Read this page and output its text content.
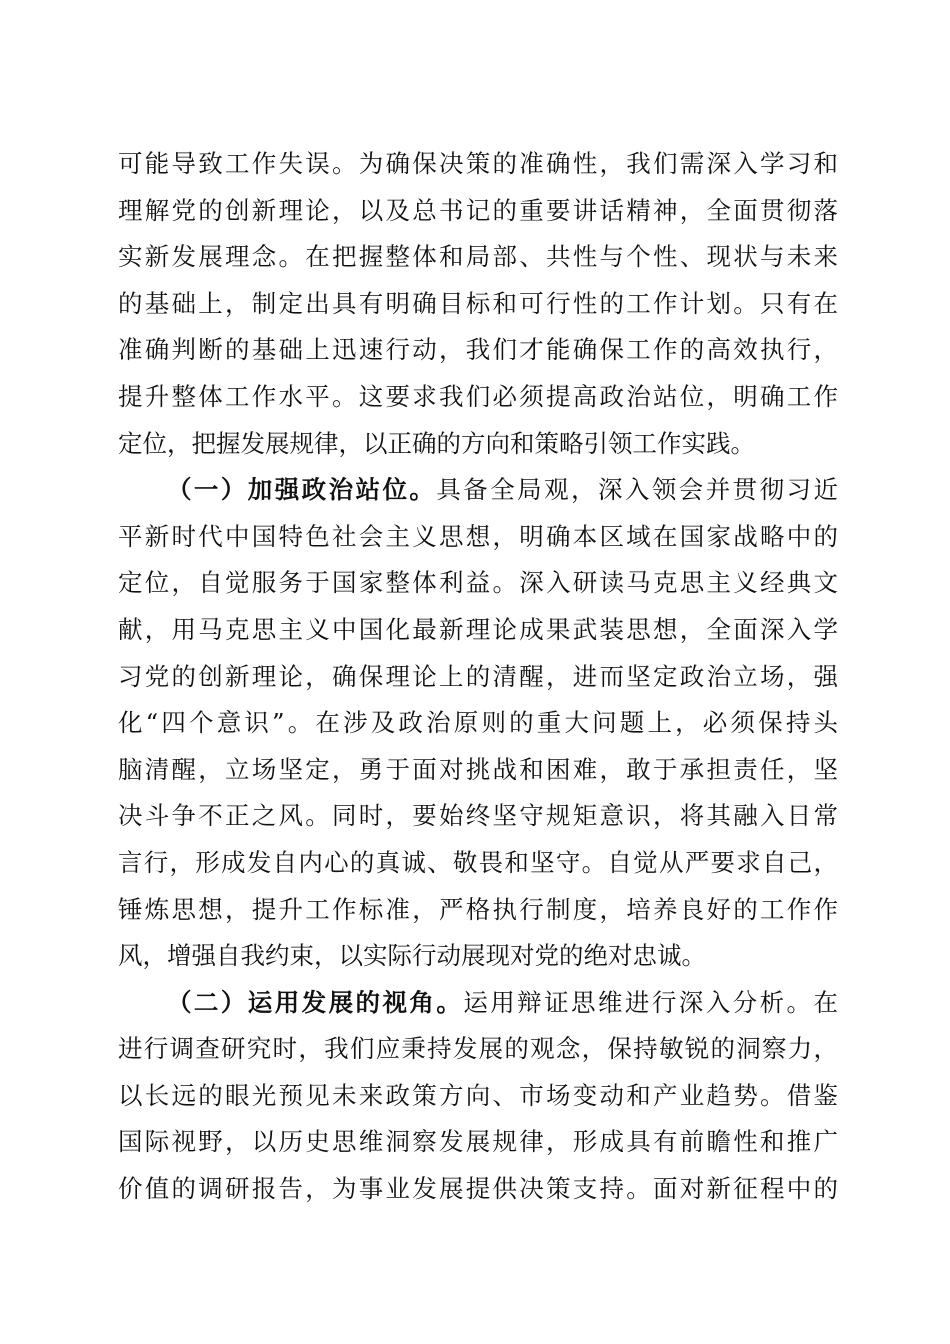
可能导致工作失误。为确保决策的准确性，我们需深入学习和
理解党的创新理论，以及总书记的重要讲话精神，全面贯彻落
实新发展理念。在把握整体和局部、共性与个性、现状与未来
的基础上，制定出具有明确目标和可行性的工作计划。只有在
准确判断的基础上迅速行动，我们才能确保工作的高效执行，
提升整体工作水平。这要求我们必须提高政治站位，明确工作
定位，把握发展规律，以正确的方向和策略引领工作实践。
（一）加强政治站位。具备全局观，深入领会并贯彻习近
平新时代中国特色社会主义思想，明确本区域在国家战略中的
定位，自觉服务于国家整体利益。深入研读马克思主义经典文
献，用马克思主义中国化最新理论成果武装思想，全面深入学
习党的创新理论，确保理论上的清醒，进而坚定政治立场，强
化“四个意识”。在涉及政治原则的重大问题上，必须保持头
脑清醒，立场坚定，勇于面对挑战和困难，敢于承担责任，坚
决斗争不正之风。同时，要始终坚守规矩意识，将其融入日常
言行，形成发自内心的真诚、敬畏和坚守。自觉从严要求自己，
锤炼思想，提升工作标准，严格执行制度，培养良好的工作作
风，增强自我约束，以实际行动展现对党的绝对忠诚。
（二）运用发展的视角。运用辩证思维进行深入分析。在
进行调查研究时，我们应秉持发展的观念，保持敏锐的洞察力，
以长远的眼光预见未来政策方向、市场变动和产业趋势。借鉴
国际视野，以历史思维洞察发展规律，形成具有前瞻性和推广
价值的调研报告，为事业发展提供决策支持。面对新征程中的
